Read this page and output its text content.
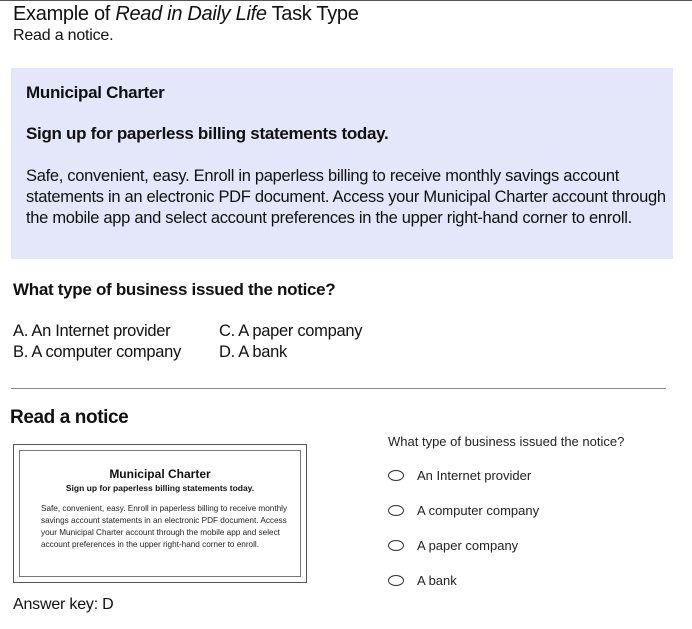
Example of Read in Daily Life Task Type
Read a notice.
Municipal Charter
Sign up for paperless billing statements today.
Safe, convenient, easy. Enroll in paperless billing to receive monthly savings account statements in an electronic PDF document. Access your Municipal Charter account through the mobile app and select account preferences in the upper right-hand corner to enroll.
What type of business issued the notice?
A. An Internet provider
B. A computer company
C. A paper company
D. A bank
Read a notice
Municipal Charter
Sign up for paperless billing statements today.
Safe, convenient, easy. Enroll in paperless billing to receive monthly savings account statements in an electronic PDF document. Access your Municipal Charter account through the mobile app and select account preferences in the upper right-hand corner to enroll.
What type of business issued the notice?
An Internet provider
A computer company
A paper company
A bank
Answer key: D
